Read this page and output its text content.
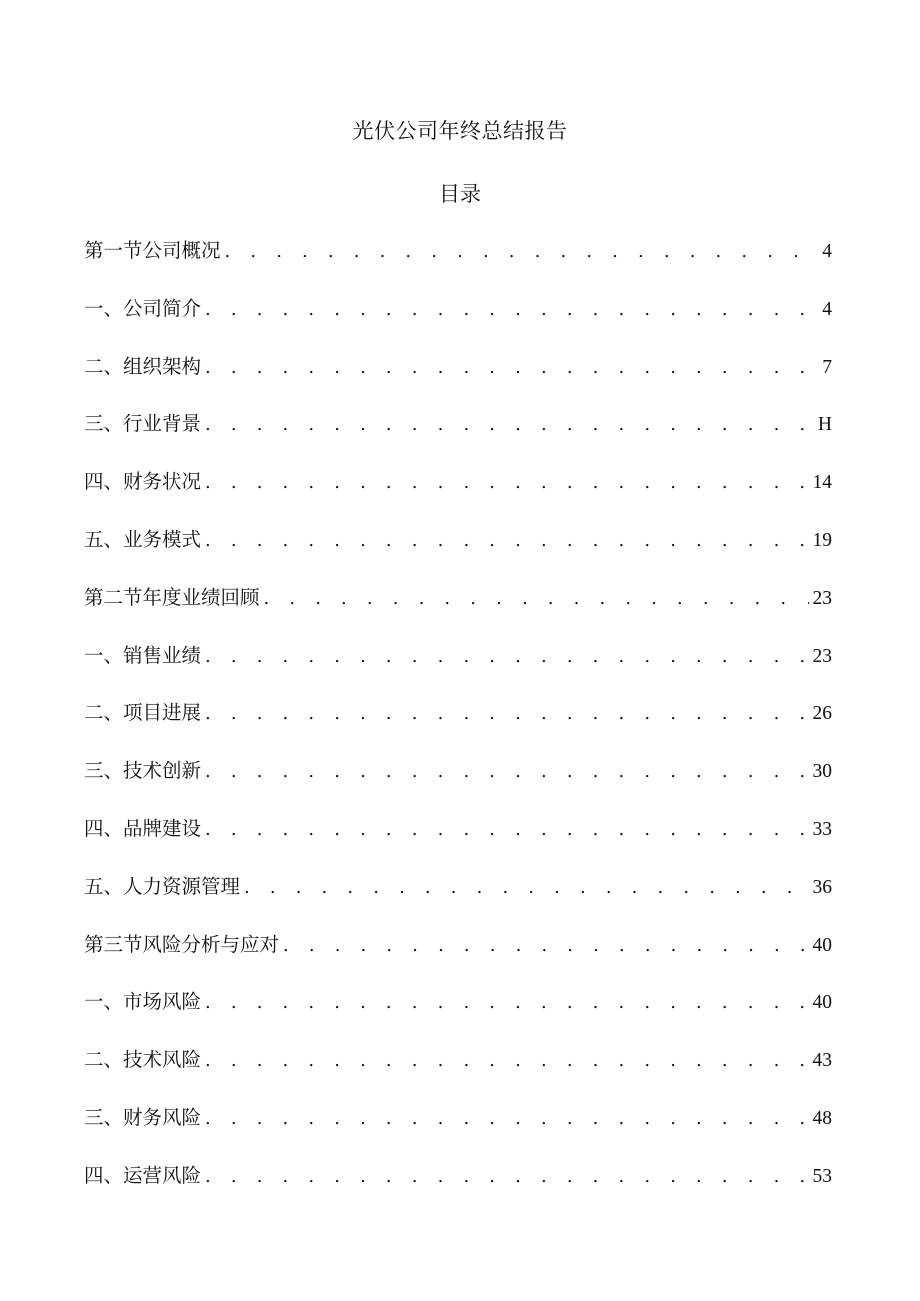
光伏公司年终总结报告
目录
第一节公司概况 . . .	4
一、公司简介 . . .	4
二、组织架构 . . .	7
三、行业背景 . . .	H
四、财务状况 . . .	14
五、业务模式 . . .	19
第二节年度业绩回顾 . . .	23
一、销售业绩 . . .	23
二、项目进展 . . .	26
三、技术创新 . . .	30
四、品牌建设 . . .	33
五、人力资源管理 . . .	36
第三节风险分析与应对 . . .	40
一、市场风险 . . .	40
二、技术风险 . . .	43
三、财务风险 . . .	48
四、运营风险 . . .	53
